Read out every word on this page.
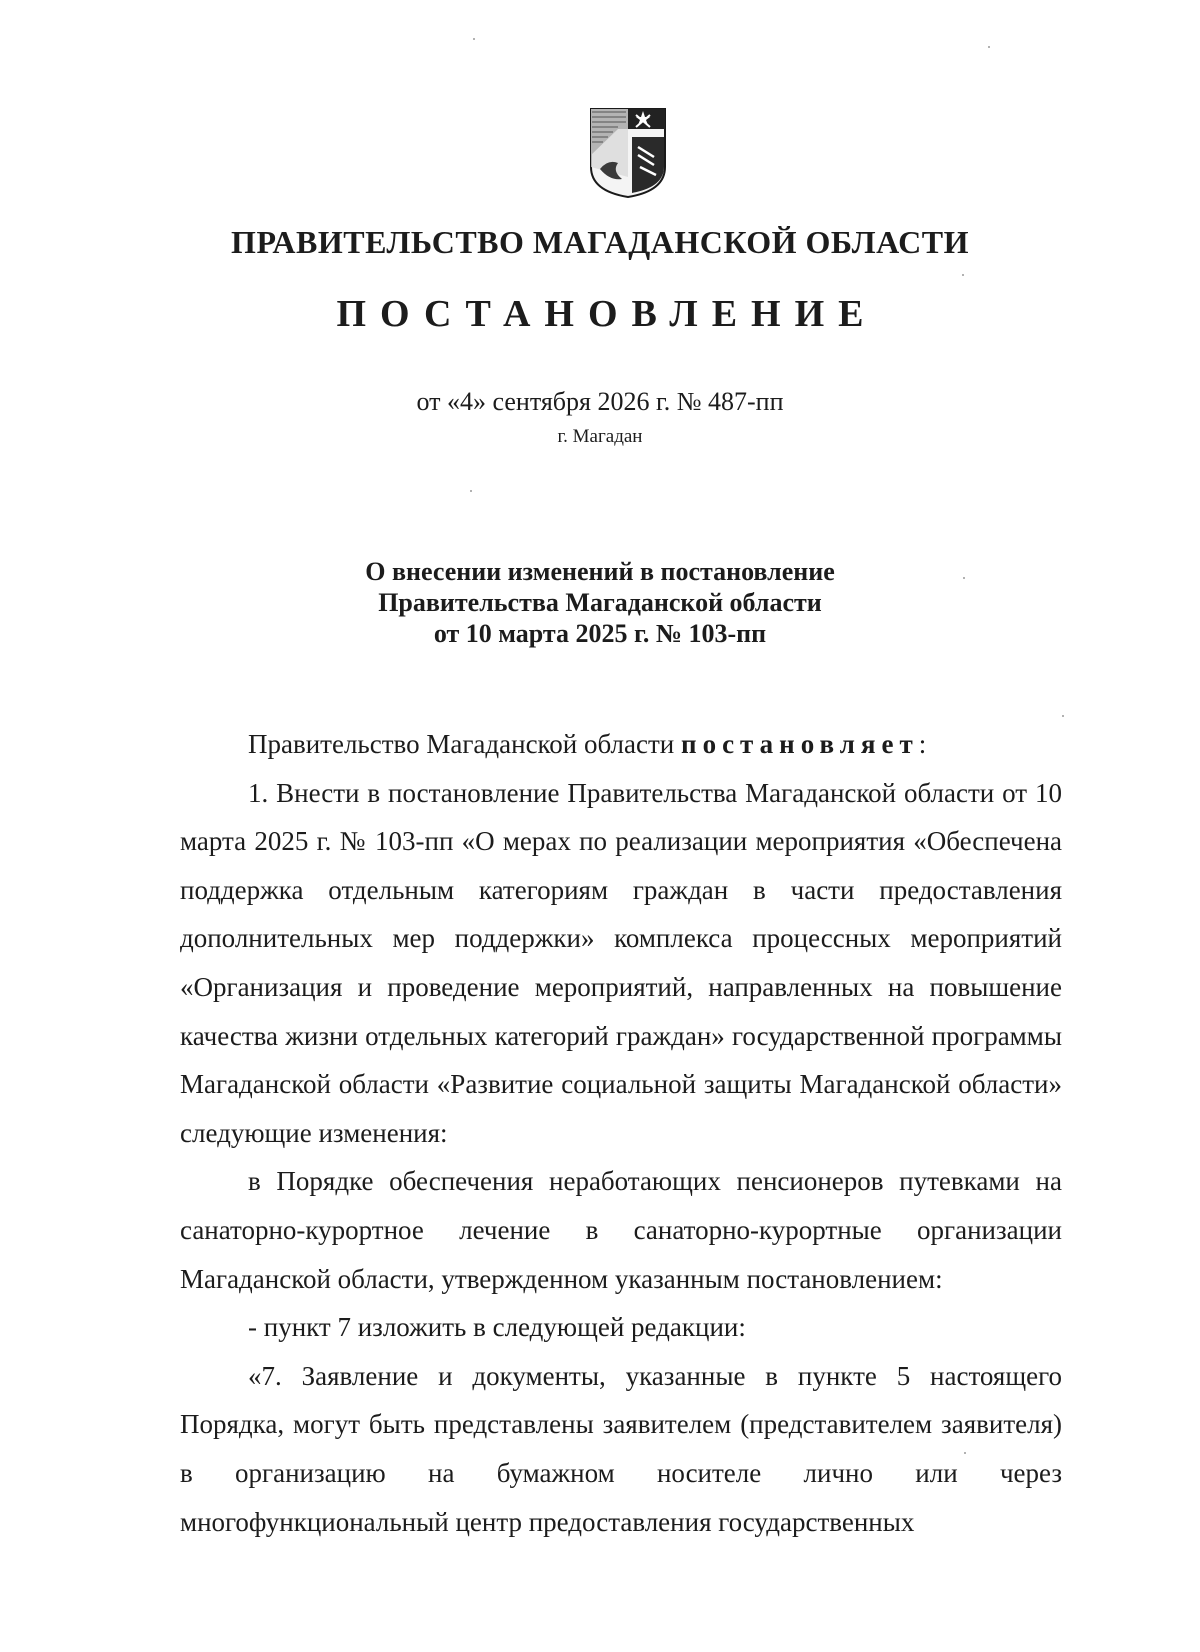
ПРАВИТЕЛЬСТВО МАГАДАНСКОЙ ОБЛАСТИ
ПОСТАНОВЛЕНИЕ
от «4» сентября 2026 г. № 487-пп
г. Магадан
О внесении изменений в постановление
Правительства Магаданской области
от 10 марта 2025 г. № 103-пп

Правительство Магаданской области постановляет:

1. Внести в постановление Правительства Магаданской области от 10 марта 2025 г. № 103-пп «О мерах по реализации мероприятия «Обеспечена поддержка отдельным категориям граждан в части предоставления дополнительных мер поддержки» комплекса процессных мероприятий «Организация и проведение мероприятий, направленных на повышение качества жизни отдельных категорий граждан» государственной программы Магаданской области «Развитие социальной защиты Магаданской области» следующие изменения:

в Порядке обеспечения неработающих пенсионеров путевками на санаторно-курортное лечение в санаторно-курортные организации Магаданской области, утвержденном указанным постановлением:

- пункт 7 изложить в следующей редакции:

«7. Заявление и документы, указанные в пункте 5 настоящего Порядка, могут быть представлены заявителем (представителем заявителя) в организацию на бумажном носителе лично или через многофункциональный центр предоставления государственных
